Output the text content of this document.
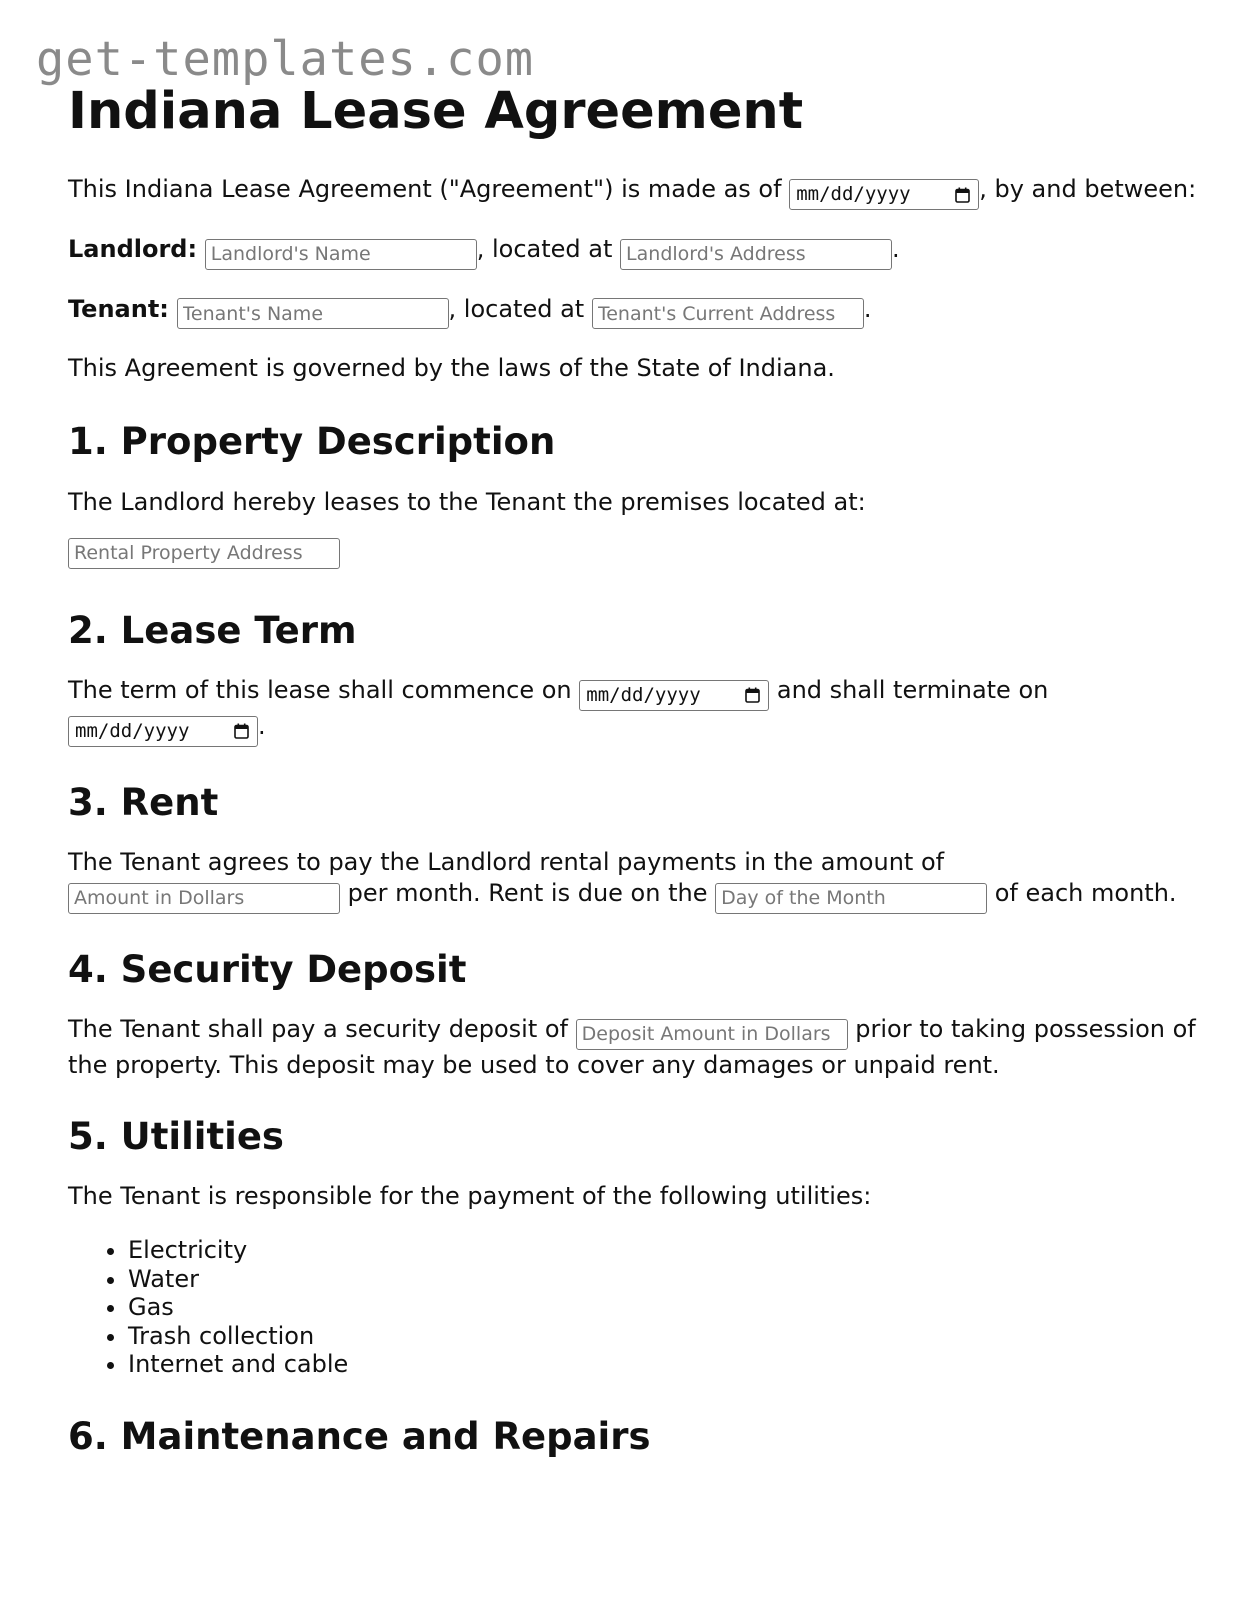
get-templates.com
Indiana Lease Agreement

This Indiana Lease Agreement ("Agreement") is made as of mm/dd/yyyy	, by and between:

Landlord: Landlord's Name	, located at Landlord's Address	.

Tenant: Tenant's Name	, located at Tenant's Current Address	.

This Agreement is governed by the laws of the State of Indiana.

1. Property Description

The Landlord hereby leases to the Tenant the premises located at:

Rental Property Address
2. Lease Term

The term of this lease shall commence on mm/dd/yyyy	and shall terminate on
mm/dd/yyyy	.

3. Rent

The Tenant agrees to pay the Landlord rental payments in the amount of Amount in Dollars per month. Rent is due on the Day of the Month	of each month.

4. Security Deposit

The Tenant shall pay a security deposit of Deposit Amount in Dollars	prior to taking possession of the property. This deposit may be used to cover any damages or unpaid rent.

5. Utilities

The Tenant is responsible for the payment of the following utilities:

• Electricity
• Water
• Gas
• Trash collection
• Internet and cable
6. Maintenance and Repairs
